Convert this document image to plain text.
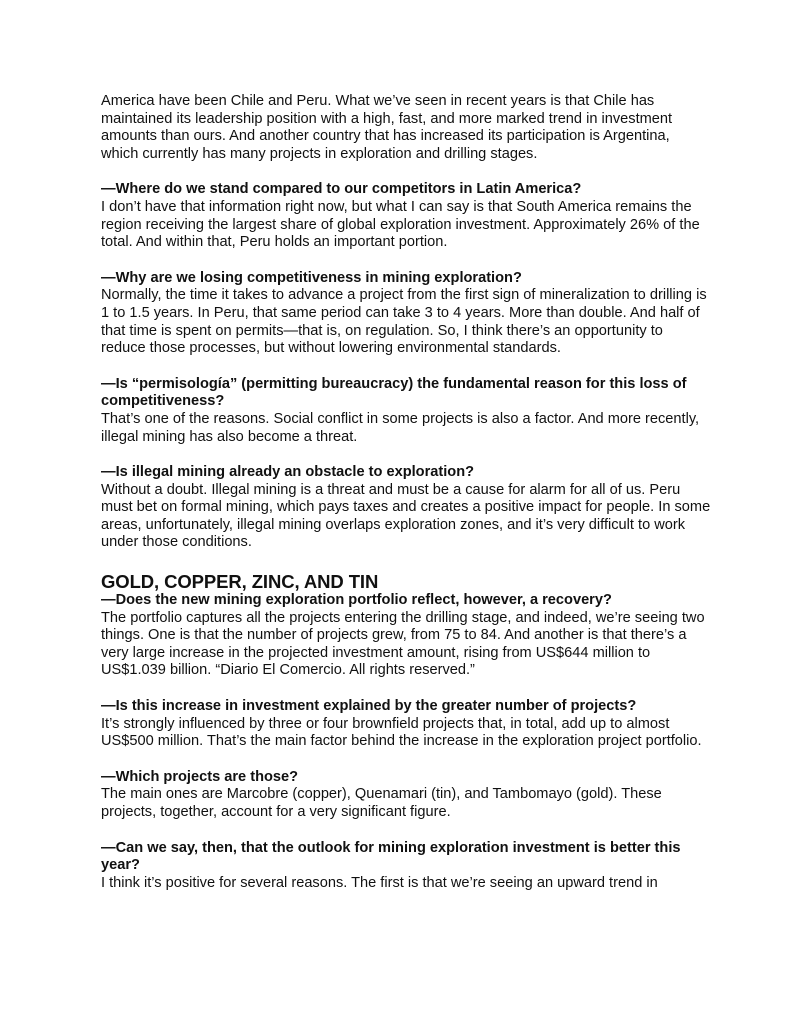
America have been Chile and Peru. What we’ve seen in recent years is that Chile has maintained its leadership position with a high, fast, and more marked trend in investment amounts than ours. And another country that has increased its participation is Argentina, which currently has many projects in exploration and drilling stages.

—Where do we stand compared to our competitors in Latin America?

I don’t have that information right now, but what I can say is that South America remains the region receiving the largest share of global exploration investment. Approximately 26% of the total. And within that, Peru holds an important portion.

—Why are we losing competitiveness in mining exploration?

Normally, the time it takes to advance a project from the first sign of mineralization to drilling is 1 to 1.5 years. In Peru, that same period can take 3 to 4 years. More than double. And half of that time is spent on permits—that is, on regulation. So, I think there’s an opportunity to reduce those processes, but without lowering environmental standards.

—Is “permisología” (permitting bureaucracy) the fundamental reason for this loss of competitiveness?

That’s one of the reasons. Social conflict in some projects is also a factor. And more recently, illegal mining has also become a threat.

—Is illegal mining already an obstacle to exploration?

Without a doubt. Illegal mining is a threat and must be a cause for alarm for all of us. Peru must bet on formal mining, which pays taxes and creates a positive impact for people. In some areas, unfortunately, illegal mining overlaps exploration zones, and it’s very difficult to work under those conditions.

GOLD, COPPER, ZINC, AND TIN

—Does the new mining exploration portfolio reflect, however, a recovery?

The portfolio captures all the projects entering the drilling stage, and indeed, we’re seeing two things. One is that the number of projects grew, from 75 to 84. And another is that there’s a very large increase in the projected investment amount, rising from US$644 million to US$1.039 billion. “Diario El Comercio. All rights reserved.”

—Is this increase in investment explained by the greater number of projects?

It’s strongly influenced by three or four brownfield projects that, in total, add up to almost US$500 million. That’s the main factor behind the increase in the exploration project portfolio.

—Which projects are those?

The main ones are Marcobre (copper), Quenamari (tin), and Tambomayo (gold). These projects, together, account for a very significant figure.

—Can we say, then, that the outlook for mining exploration investment is better this year?

I think it’s positive for several reasons. The first is that we’re seeing an upward trend in
